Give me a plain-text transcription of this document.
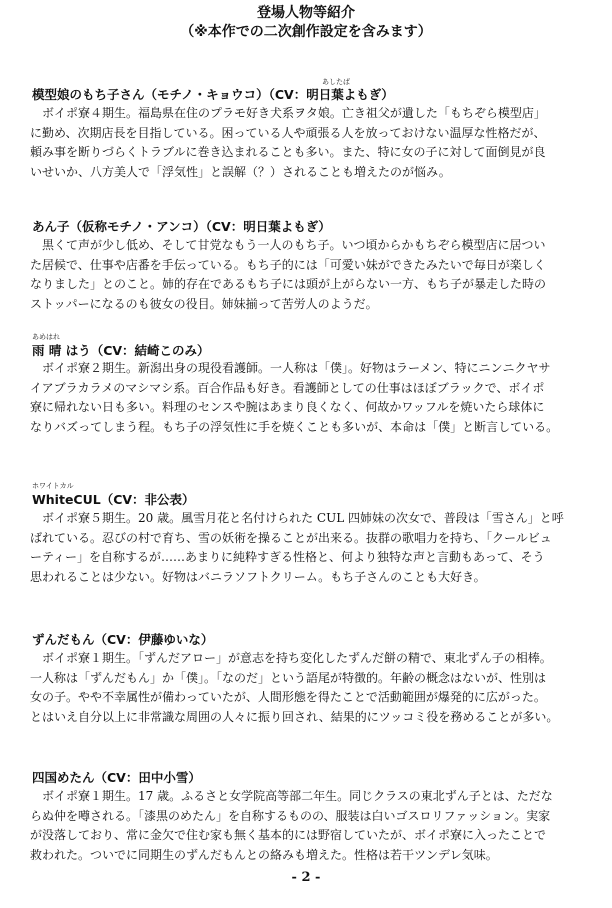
登場人物等紹介
（※本作での二次創作設定を含みます）
あしたば
模型娘のもち子さん（モチノ・キョウコ）（CV：明日葉よもぎ）
　ボイポ寮４期生。福島県在住のプラモ好き犬系ヲタ娘。亡き祖父が遺した「もちぞら模型店」
に勤め、次期店長を目指している。困っている人や頑張る人を放っておけない温厚な性格だが、
頼み事を断りづらくトラブルに巻き込まれることも多い。また、特に女の子に対して面倒見が良
いせいか、八方美人で「浮気性」と誤解（？）されることも増えたのが悩み。
あん子（仮称モチノ・アンコ）（CV：明日葉よもぎ）
　黒くて声が少し低め、そして甘党なもう一人のもち子。いつ頃からかもちぞら模型店に居つい
た居候で、仕事や店番を手伝っている。もち子的には「可愛い妹ができたみたいで毎日が楽しく
なりました」とのこと。姉的存在であるもち子には頭が上がらない一方、もち子が暴走した時の
ストッパーになるのも彼女の役目。姉妹揃って苦労人のようだ。
あめはれ
雨 晴 はう（CV：結崎このみ）
　ボイポ寮２期生。新潟出身の現役看護師。一人称は「僕」。好物はラーメン、特にニンニクヤサ
イアブラカラメのマシマシ系。百合作品も好き。看護師としての仕事はほぼブラックで、ボイポ
寮に帰れない日も多い。料理のセンスや腕はあまり良くなく、何故かワッフルを焼いたら球体に
なりバズってしまう程。もち子の浮気性に手を焼くことも多いが、本命は「僕」と断言している。
ホワイトカル
WhiteCUL（CV：非公表）
　ボイポ寮５期生。20 歳。風雪月花と名付けられた CUL 四姉妹の次女で、普段は「雪さん」と呼
ばれている。忍びの村で育ち、雪の妖術を操ることが出来る。抜群の歌唱力を持ち、「クールビュ
ーティー」を自称するが……あまりに純粋すぎる性格と、何より独特な声と言動もあって、そう
思われることは少ない。好物はバニラソフトクリーム。もち子さんのことも大好き。
ずんだもん（CV：伊藤ゆいな）
　ボイポ寮１期生。「ずんだアロー」が意志を持ち変化したずんだ餅の精で、東北ずん子の相棒。
一人称は「ずんだもん」か「僕」。「なのだ」という語尾が特徴的。年齢の概念はないが、性別は
女の子。やや不幸属性が備わっていたが、人間形態を得たことで活動範囲が爆発的に広がった。
とはいえ自分以上に非常識な周囲の人々に振り回され、結果的にツッコミ役を務めることが多い。
四国めたん（CV：田中小雪）
　ボイポ寮１期生。17 歳。ふるさと女学院高等部二年生。同じクラスの東北ずん子とは、ただな
らぬ仲を噂される。「漆黒のめたん」を自称するものの、服装は白いゴスロリファッション。実家
が没落しており、常に金欠で住む家も無く基本的には野宿していたが、ボイポ寮に入ったことで
救われた。ついでに同期生のずんだもんとの絡みも増えた。性格は若干ツンデレ気味。
- 2 -
